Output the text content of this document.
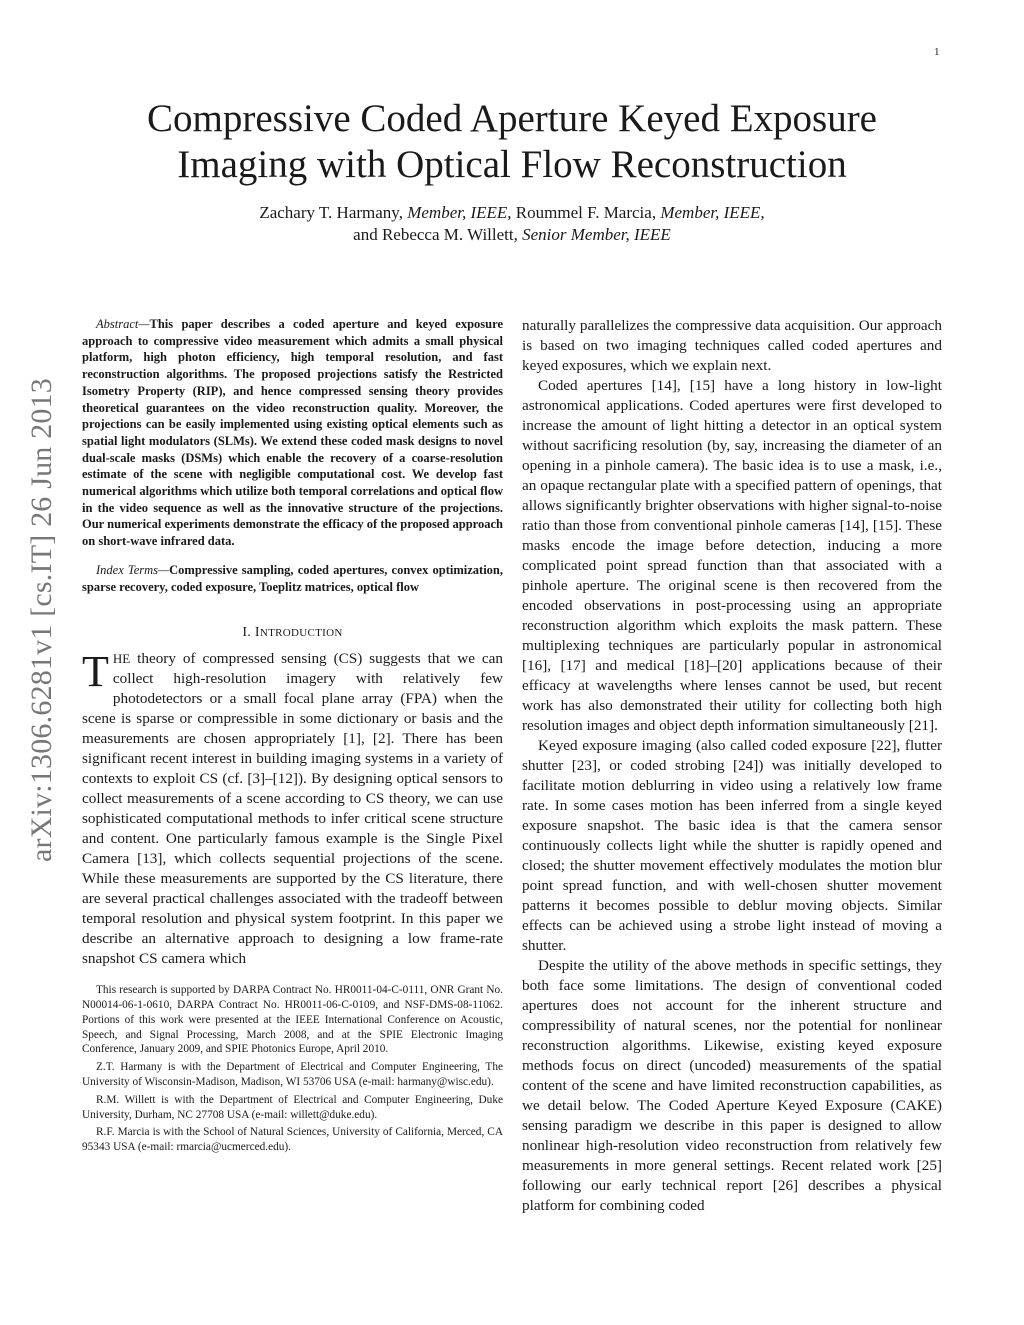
1
arXiv:1306.6281v1 [cs.IT] 26 Jun 2013
Compressive Coded Aperture Keyed Exposure Imaging with Optical Flow Reconstruction
Zachary T. Harmany, Member, IEEE, Roummel F. Marcia, Member, IEEE,
and Rebecca M. Willett, Senior Member, IEEE

Abstract—This paper describes a coded aperture and keyed exposure approach to compressive video measurement which admits a small physical platform, high photon efficiency, high temporal resolution, and fast reconstruction algorithms. The proposed projections satisfy the Restricted Isometry Property (RIP), and hence compressed sensing theory provides theoretical guarantees on the video reconstruction quality. Moreover, the projections can be easily implemented using existing optical elements such as spatial light modulators (SLMs). We extend these coded mask designs to novel dual-scale masks (DSMs) which enable the recovery of a coarse-resolution estimate of the scene with negligible computational cost. We develop fast numerical algorithms which utilize both temporal correlations and optical flow in the video sequence as well as the innovative structure of the projections. Our numerical experiments demonstrate the efficacy of the proposed approach on short-wave infrared data.

Index Terms—Compressive sampling, coded apertures, convex optimization, sparse recovery, coded exposure, Toeplitz matrices, optical flow

I. INTRODUCTION

THE theory of compressed sensing (CS) suggests that we can collect high-resolution imagery with relatively few photodetectors or a small focal plane array (FPA) when the scene is sparse or compressible in some dictionary or basis and the measurements are chosen appropriately [1], [2]. There has been significant recent interest in building imaging systems in a variety of contexts to exploit CS (cf. [3]–[12]). By designing optical sensors to collect measurements of a scene according to CS theory, we can use sophisticated computational methods to infer critical scene structure and content. One particularly famous example is the Single Pixel Camera [13], which collects sequential projections of the scene. While these measurements are supported by the CS literature, there are several practical challenges associated with the tradeoff between temporal resolution and physical system footprint. In this paper we describe an alternative approach to designing a low frame-rate snapshot CS camera which

This research is supported by DARPA Contract No. HR0011-04-C-0111, ONR Grant No. N00014-06-1-0610, DARPA Contract No. HR0011-06-C-0109, and NSF-DMS-08-11062. Portions of this work were presented at the IEEE International Conference on Acoustic, Speech, and Signal Processing, March 2008, and at the SPIE Electronic Imaging Conference, January 2009, and SPIE Photonics Europe, April 2010.

Z.T. Harmany is with the Department of Electrical and Computer Engineering, The University of Wisconsin-Madison, Madison, WI 53706 USA (e-mail: harmany@wisc.edu).

R.M. Willett is with the Department of Electrical and Computer Engineering, Duke University, Durham, NC 27708 USA (e-mail: willett@duke.edu).

R.F. Marcia is with the School of Natural Sciences, University of California, Merced, CA 95343 USA (e-mail: rmarcia@ucmerced.edu).

naturally parallelizes the compressive data acquisition. Our approach is based on two imaging techniques called coded apertures and keyed exposures, which we explain next.

Coded apertures [14], [15] have a long history in low-light astronomical applications. Coded apertures were first developed to increase the amount of light hitting a detector in an optical system without sacrificing resolution (by, say, increasing the diameter of an opening in a pinhole camera). The basic idea is to use a mask, i.e., an opaque rectangular plate with a specified pattern of openings, that allows significantly brighter observations with higher signal-to-noise ratio than those from conventional pinhole cameras [14], [15]. These masks encode the image before detection, inducing a more complicated point spread function than that associated with a pinhole aperture. The original scene is then recovered from the encoded observations in post-processing using an appropriate reconstruction algorithm which exploits the mask pattern. These multiplexing techniques are particularly popular in astronomical [16], [17] and medical [18]–[20] applications because of their efficacy at wavelengths where lenses cannot be used, but recent work has also demonstrated their utility for collecting both high resolution images and object depth information simultaneously [21].

Keyed exposure imaging (also called coded exposure [22], flutter shutter [23], or coded strobing [24]) was initially developed to facilitate motion deblurring in video using a relatively low frame rate. In some cases motion has been inferred from a single keyed exposure snapshot. The basic idea is that the camera sensor continuously collects light while the shutter is rapidly opened and closed; the shutter movement effectively modulates the motion blur point spread function, and with well-chosen shutter movement patterns it becomes possible to deblur moving objects. Similar effects can be achieved using a strobe light instead of moving a shutter.

Despite the utility of the above methods in specific settings, they both face some limitations. The design of conventional coded apertures does not account for the inherent structure and compressibility of natural scenes, nor the potential for nonlinear reconstruction algorithms. Likewise, existing keyed exposure methods focus on direct (uncoded) measurements of the spatial content of the scene and have limited reconstruction capabilities, as we detail below. The Coded Aperture Keyed Exposure (CAKE) sensing paradigm we describe in this paper is designed to allow nonlinear high-resolution video reconstruction from relatively few measurements in more general settings. Recent related work [25] following our early technical report [26] describes a physical platform for combining coded
